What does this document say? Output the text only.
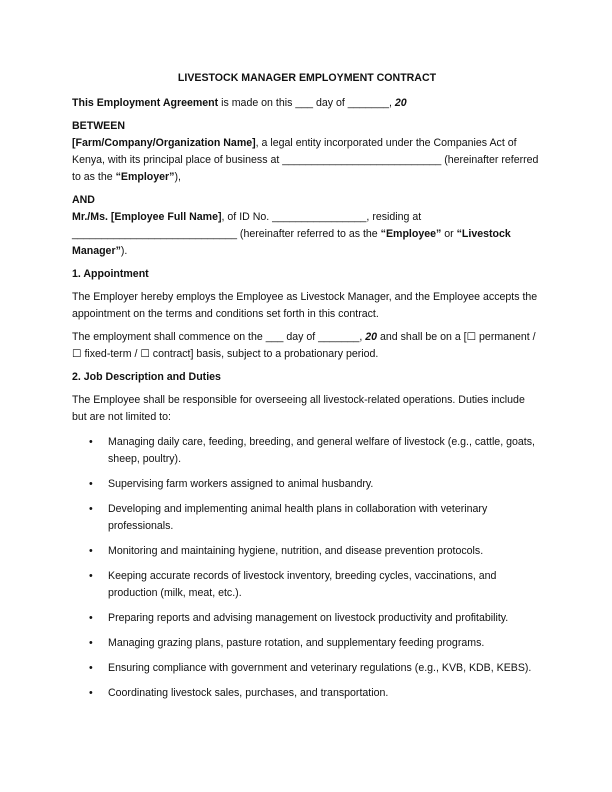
LIVESTOCK MANAGER EMPLOYMENT CONTRACT

This Employment Agreement is made on this ___ day of _______, 20

BETWEEN

[Farm/Company/Organization Name], a legal entity incorporated under the Companies Act of Kenya, with its principal place of business at ___________________________ (hereinafter referred to as the “Employer”),

AND

Mr./Ms. [Employee Full Name], of ID No. ________________, residing at ____________________________ (hereinafter referred to as the “Employee” or “Livestock Manager”).

1. Appointment

The Employer hereby employs the Employee as Livestock Manager, and the Employee accepts the appointment on the terms and conditions set forth in this contract.

The employment shall commence on the ___ day of _______, 20 and shall be on a [☐ permanent / ☐ fixed-term / ☐ contract] basis, subject to a probationary period.

2. Job Description and Duties

The Employee shall be responsible for overseeing all livestock-related operations. Duties include but are not limited to:

• Managing daily care, feeding, breeding, and general welfare of livestock (e.g., cattle, goats, sheep, poultry).
• Supervising farm workers assigned to animal husbandry.
• Developing and implementing animal health plans in collaboration with veterinary professionals.
• Monitoring and maintaining hygiene, nutrition, and disease prevention protocols.
• Keeping accurate records of livestock inventory, breeding cycles, vaccinations, and production (milk, meat, etc.).
• Preparing reports and advising management on livestock productivity and profitability.
• Managing grazing plans, pasture rotation, and supplementary feeding programs.
• Ensuring compliance with government and veterinary regulations (e.g., KVB, KDB, KEBS).
• Coordinating livestock sales, purchases, and transportation.
